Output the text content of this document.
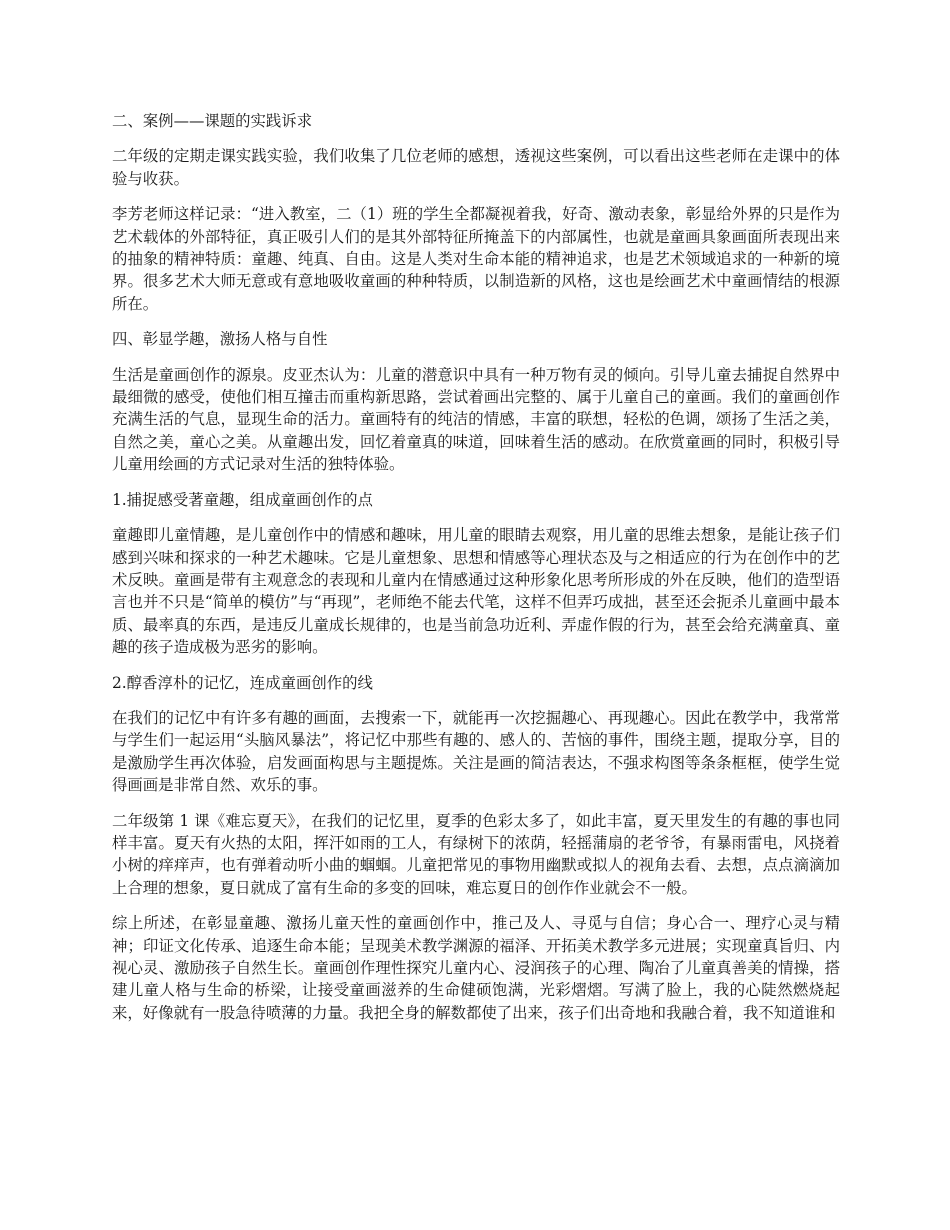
二、案例——课题的实践诉求

二年级的定期走课实践实验，我们收集了几位老师的感想，透视这些案例，可以看出这些老师在走课中的体验与收获。

李芳老师这样记录：“进入教室，二（1）班的学生全都凝视着我，好奇、激动表象，彰显给外界的只是作为艺术载体的外部特征，真正吸引人们的是其外部特征所掩盖下的内部属性，也就是童画具象画面所表现出来的抽象的精神特质：童趣、纯真、自由。这是人类对生命本能的精神追求，也是艺术领域追求的一种新的境界。很多艺术大师无意或有意地吸收童画的种种特质，以制造新的风格，这也是绘画艺术中童画情结的根源所在。

四、彰显学趣，激扬人格与自性

生活是童画创作的源泉。皮亚杰认为：儿童的潜意识中具有一种万物有灵的倾向。引导儿童去捕捉自然界中最细微的感受，使他们相互撞击而重构新思路，尝试着画出完整的、属于儿童自己的童画。我们的童画创作充满生活的气息，显现生命的活力。童画特有的纯洁的情感，丰富的联想，轻松的色调，颂扬了生活之美，自然之美，童心之美。从童趣出发，回忆着童真的味道，回味着生活的感动。在欣赏童画的同时，积极引导儿童用绘画的方式记录对生活的独特体验。

1.捕捉感受著童趣，组成童画创作的点

童趣即儿童情趣，是儿童创作中的情感和趣味，用儿童的眼睛去观察，用儿童的思维去想象，是能让孩子们感到兴味和探求的一种艺术趣味。它是儿童想象、思想和情感等心理状态及与之相适应的行为在创作中的艺术反映。童画是带有主观意念的表现和儿童内在情感通过这种形象化思考所形成的外在反映，他们的造型语言也并不只是“简单的模仿”与“再现”，老师绝不能去代笔，这样不但弄巧成拙，甚至还会扼杀儿童画中最本质、最率真的东西，是违反儿童成长规律的，也是当前急功近利、弄虚作假的行为，甚至会给充满童真、童趣的孩子造成极为恶劣的影响。

2.醇香淳朴的记忆，连成童画创作的线

在我们的记忆中有许多有趣的画面，去搜索一下，就能再一次挖掘趣心、再现趣心。因此在教学中，我常常与学生们一起运用“头脑风暴法”，将记忆中那些有趣的、感人的、苦恼的事件，围绕主题，提取分享，目的是激励学生再次体验，启发画面构思与主题提炼。关注是画的简洁表达，不强求构图等条条框框，使学生觉得画画是非常自然、欢乐的事。

二年级第 1 课《难忘夏天》，在我们的记忆里，夏季的色彩太多了，如此丰富，夏天里发生的有趣的事也同样丰富。夏天有火热的太阳，挥汗如雨的工人，有绿树下的浓荫，轻摇蒲扇的老爷爷，有暴雨雷电，风挠着小树的痒痒声，也有弹着动听小曲的蝈蝈。儿童把常见的事物用幽默或拟人的视角去看、去想，点点滴滴加上合理的想象，夏日就成了富有生命的多变的回味，难忘夏日的创作作业就会不一般。

综上所述，在彰显童趣、激扬儿童天性的童画创作中，推己及人、寻觅与自信；身心合一、理疗心灵与精神；印证文化传承、追逐生命本能；呈现美术教学渊源的福泽、开拓美术教学多元进展；实现童真旨归、内视心灵、激励孩子自然生长。童画创作理性探究儿童内心、浸润孩子的心理、陶冶了儿童真善美的情操，搭建儿童人格与生命的桥梁，让接受童画滋养的生命健硕饱满，光彩熠熠。写满了脸上，我的心陡然燃烧起来，好像就有一股急待喷薄的力量。我把全身的解数都使了出来，孩子们出奇地和我融合着，我不知道谁和
